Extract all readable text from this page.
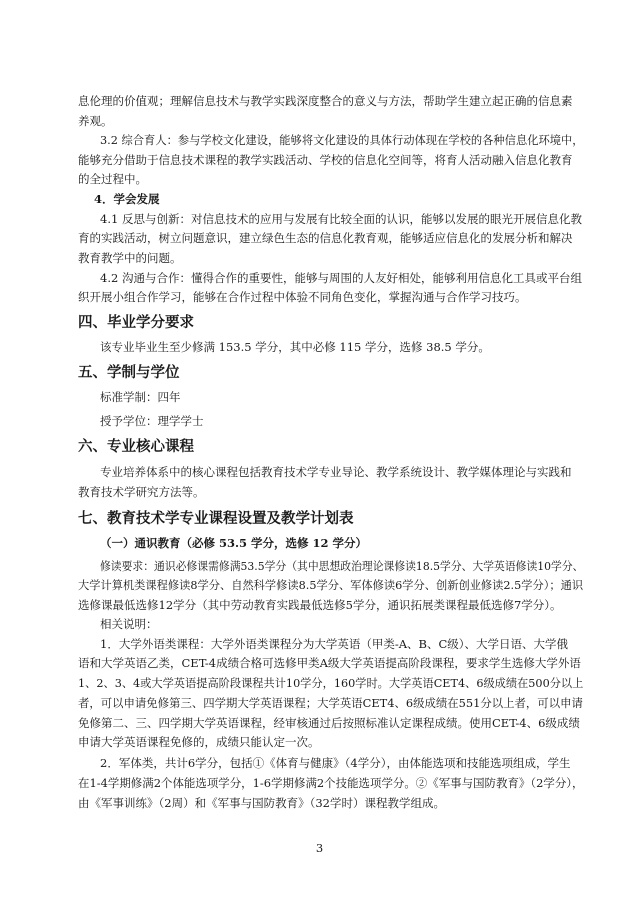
息伦理的价值观；理解信息技术与教学实践深度整合的意义与方法，帮助学生建立起正确的信息素
养观。
3.2 综合育人：参与学校文化建设，能够将文化建设的具体行动体现在学校的各种信息化环境中，
能够充分借助于信息技术课程的教学实践活动、学校的信息化空间等，将育人活动融入信息化教育
的全过程中。
4．学会发展
4.1 反思与创新：对信息技术的应用与发展有比较全面的认识，能够以发展的眼光开展信息化教
育的实践活动，树立问题意识，建立绿色生态的信息化教育观，能够适应信息化的发展分析和解决
教育教学中的问题。
4.2 沟通与合作：懂得合作的重要性，能够与周围的人友好相处，能够利用信息化工具或平台组
织开展小组合作学习，能够在合作过程中体验不同角色变化，掌握沟通与合作学习技巧。
该专业毕业生至少修满 153.5 学分，其中必修 115 学分，选修 38.5 学分。
标准学制：四年
授予学位：理学学士
专业培养体系中的核心课程包括教育技术学专业导论、教学系统设计、教学媒体理论与实践和
教育技术学研究方法等。
（一）通识教育（必修 53.5 学分，选修 12 学分）
修读要求：通识必修课需修满53.5学分（其中思想政治理论课修读18.5学分、大学英语修读10学分、
大学计算机类课程修读8学分、自然科学修读8.5学分、军体修读6学分、创新创业修读2.5学分）；通识
选修课最低选修12学分（其中劳动教育实践最低选修5学分，通识拓展类课程最低选修7学分）。
相关说明：
1．大学外语类课程：大学外语类课程分为大学英语（甲类-A、B、C级）、大学日语、大学俄
语和大学英语乙类，CET-4成绩合格可选修甲类A级大学英语提高阶段课程，要求学生选修大学外语
1、2、3、4或大学英语提高阶段课程共计10学分，160学时。大学英语CET4、6级成绩在500分以上
者，可以申请免修第三、四学期大学英语课程；大学英语CET4、6级成绩在551分以上者，可以申请
免修第二、三、四学期大学英语课程，经审核通过后按照标准认定课程成绩。使用CET-4、6级成绩
申请大学英语课程免修的，成绩只能认定一次。
2．军体类，共计6学分，包括①《体育与健康》（4学分），由体能选项和技能选项组成，学生
在1-4学期修满2个体能选项学分，1-6学期修满2个技能选项学分。②《军事与国防教育》（2学分），
由《军事训练》（2周）和《军事与国防教育》（32学时）课程教学组成。
四、毕业学分要求
五、学制与学位
六、专业核心课程
七、教育技术学专业课程设置及教学计划表
3
